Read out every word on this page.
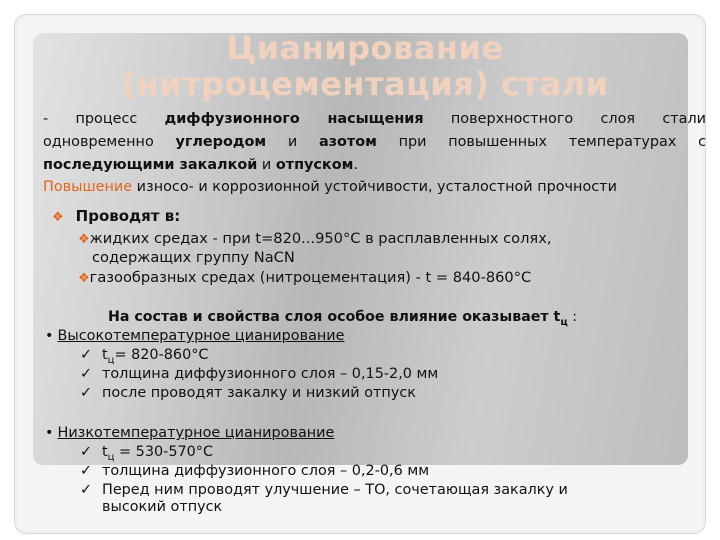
Цианирование
(нитроцементация) стали
- процесс диффузионного насыщения поверхностного слоя стали
одновременно углеродом и азотом при повышенных температурах с
последующими закалкой и отпуском.
Повышение износо- и коррозионной устойчивости, усталостной прочности
❖ Проводят в:
❖жидких средах - при t=820...950°С в расплавленных солях,
содержащих группу NaCN
❖газообразных средах (нитроцементация) - t = 840-860°С
На состав и свойства слоя особое влияние оказывает $t_ц$ :
• Высокотемпературное цианирование
✓ $t_ц= 820-860^\circ С$
✓ толщина диффузионного слоя – 0,15-2,0 мм
✓ после проводят закалку и низкий отпуск
• Низкотемпературное цианирование
✓ $t_ц = 530-570^\circ С$
✓ толщина диффузионного слоя – 0,2-0,6 мм
✓ Перед ним проводят улучшение – ТО, сочетающая закалку и
высокий отпуск
